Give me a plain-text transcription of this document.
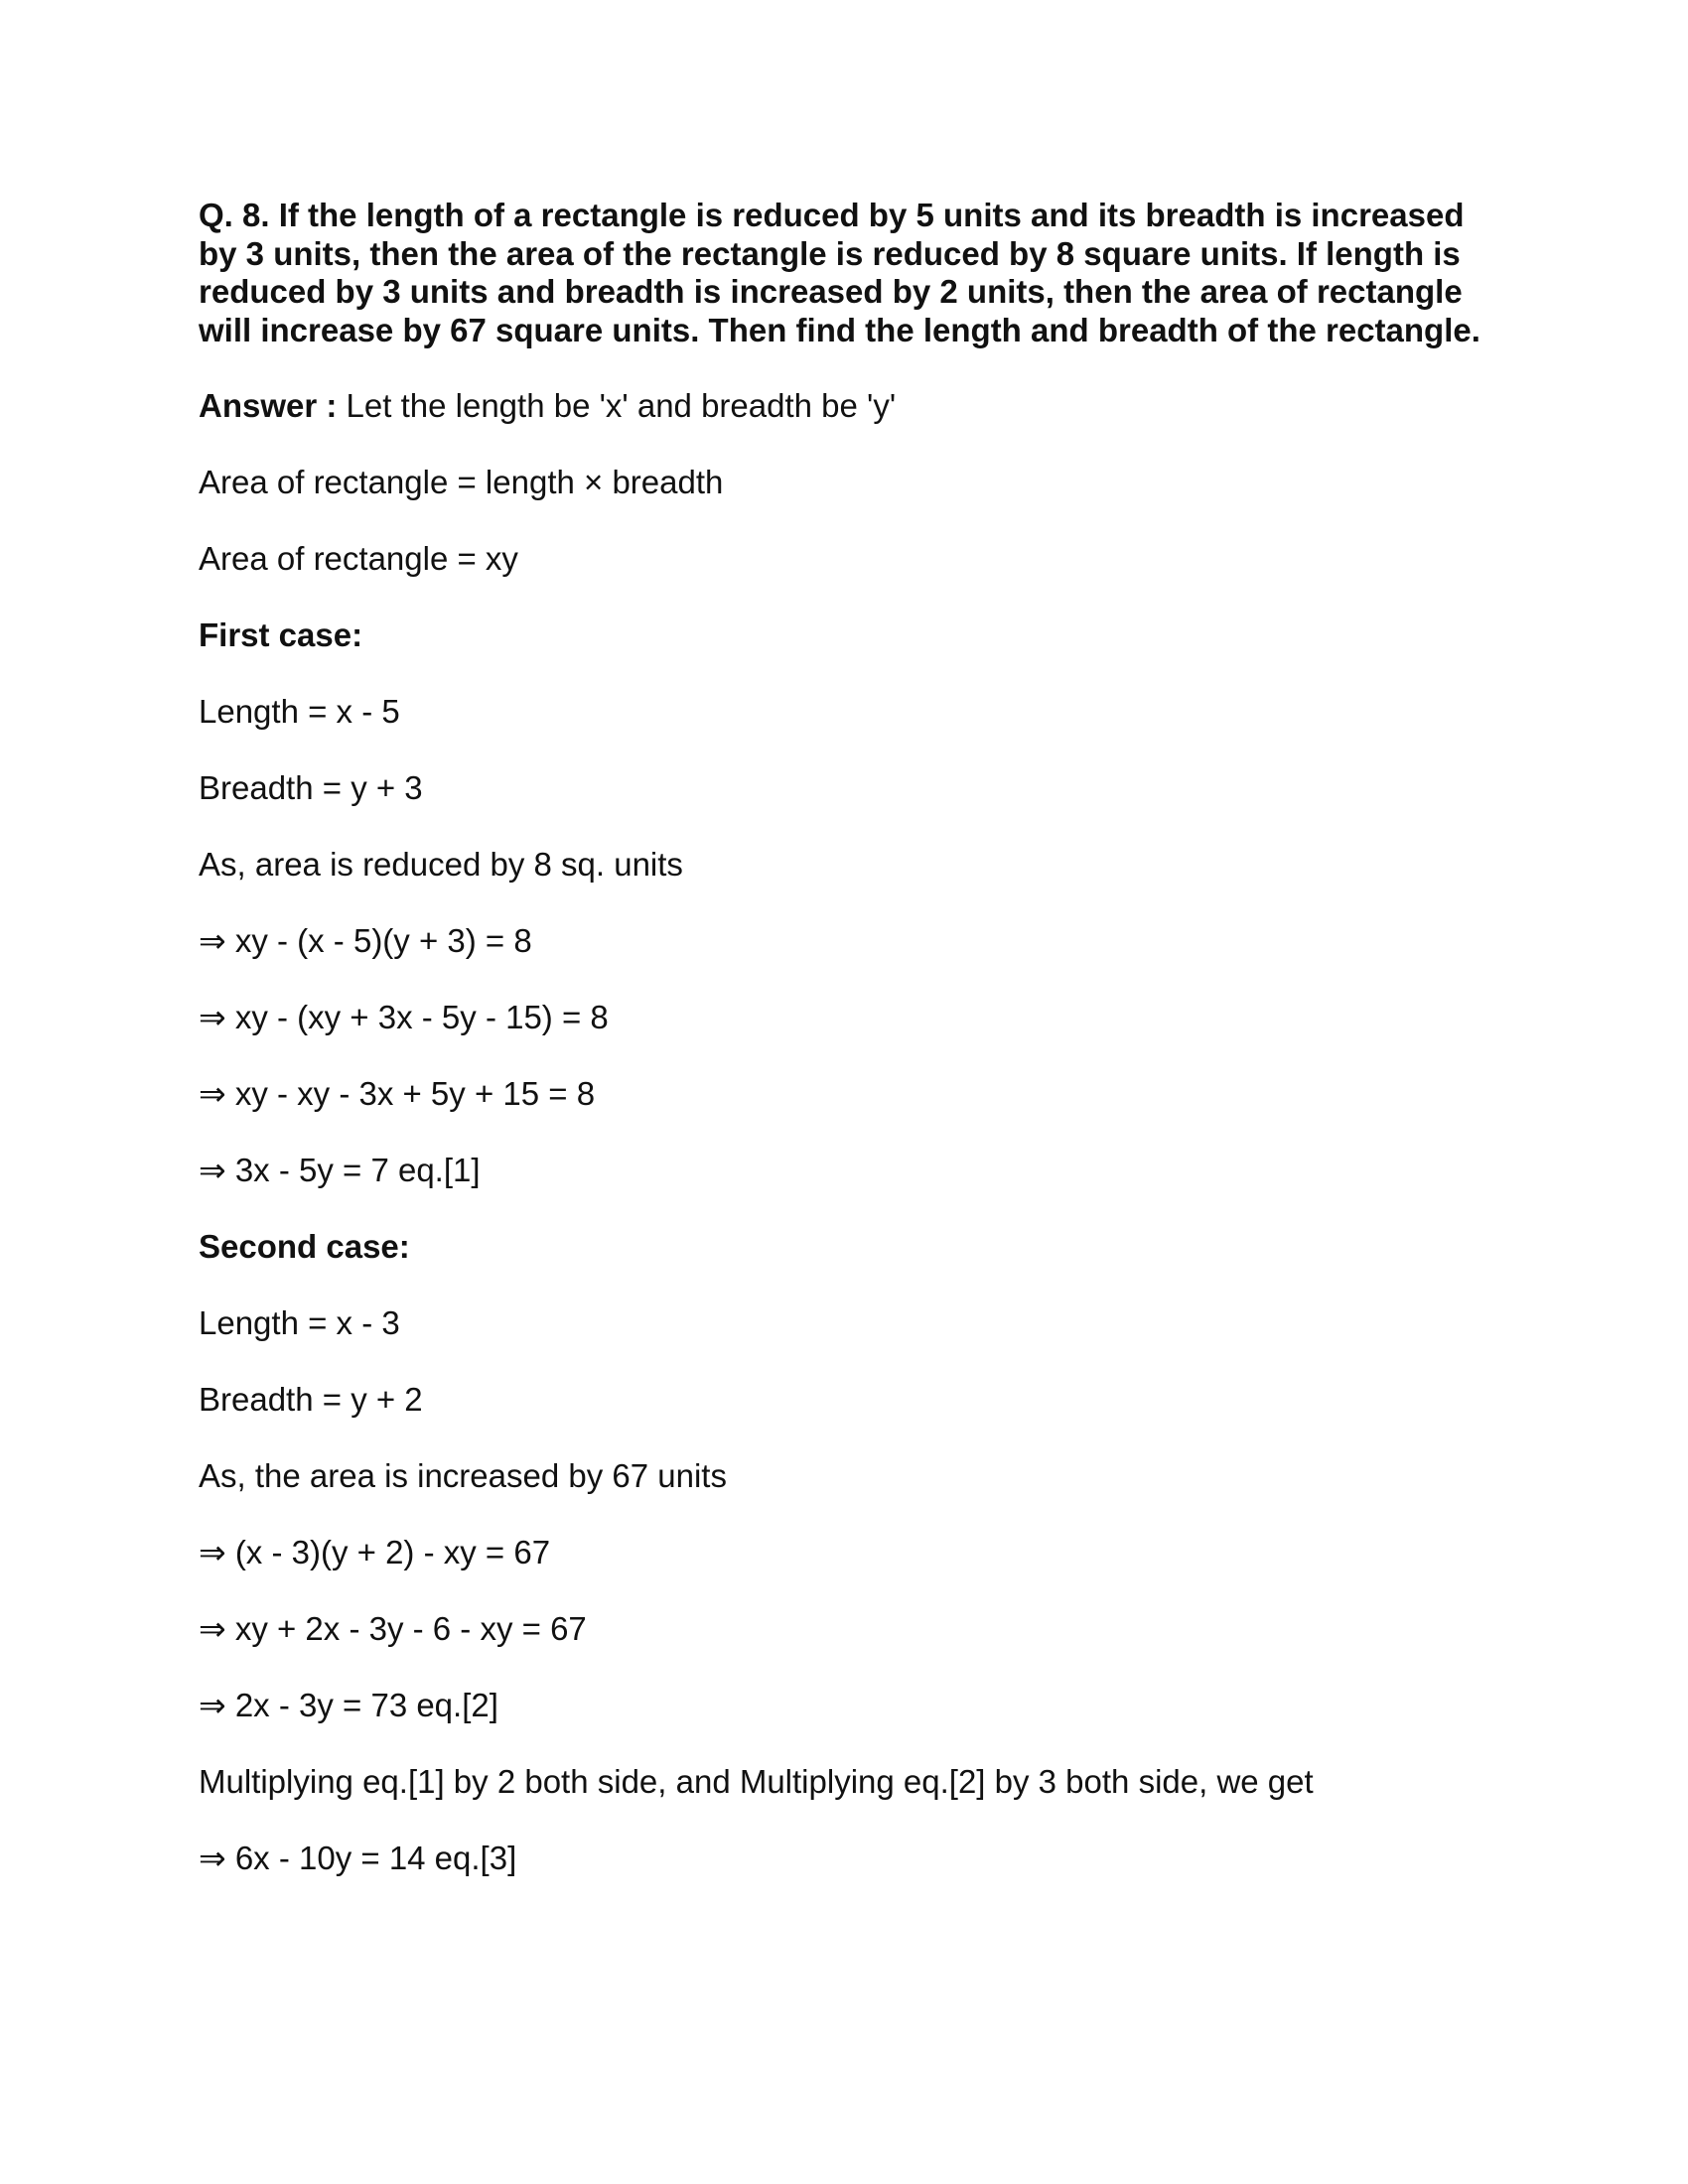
Q. 8. If the length of a rectangle is reduced by 5 units and its breadth is increased by 3 units, then the area of the rectangle is reduced by 8 square units. If length is reduced by 3 units and breadth is increased by 2 units, then the area of rectangle will increase by 67 square units. Then find the length and breadth of the rectangle.
Answer : Let the length be 'x' and breadth be 'y'
Area of rectangle = length × breadth
Area of rectangle = xy
First case:
Length = x - 5
Breadth = y + 3
As, area is reduced by 8 sq. units
⇒ xy - (x - 5)(y + 3) = 8
⇒ xy - (xy + 3x - 5y - 15) = 8
⇒ xy - xy - 3x + 5y + 15 = 8
⇒ 3x - 5y = 7 eq.[1]
Second case:
Length = x - 3
Breadth = y + 2
As, the area is increased by 67 units
⇒ (x - 3)(y + 2) - xy = 67
⇒ xy + 2x - 3y - 6 - xy = 67
⇒ 2x - 3y = 73 eq.[2]
Multiplying eq.[1] by 2 both side, and Multiplying eq.[2] by 3 both side, we get
⇒ 6x - 10y = 14 eq.[3]
